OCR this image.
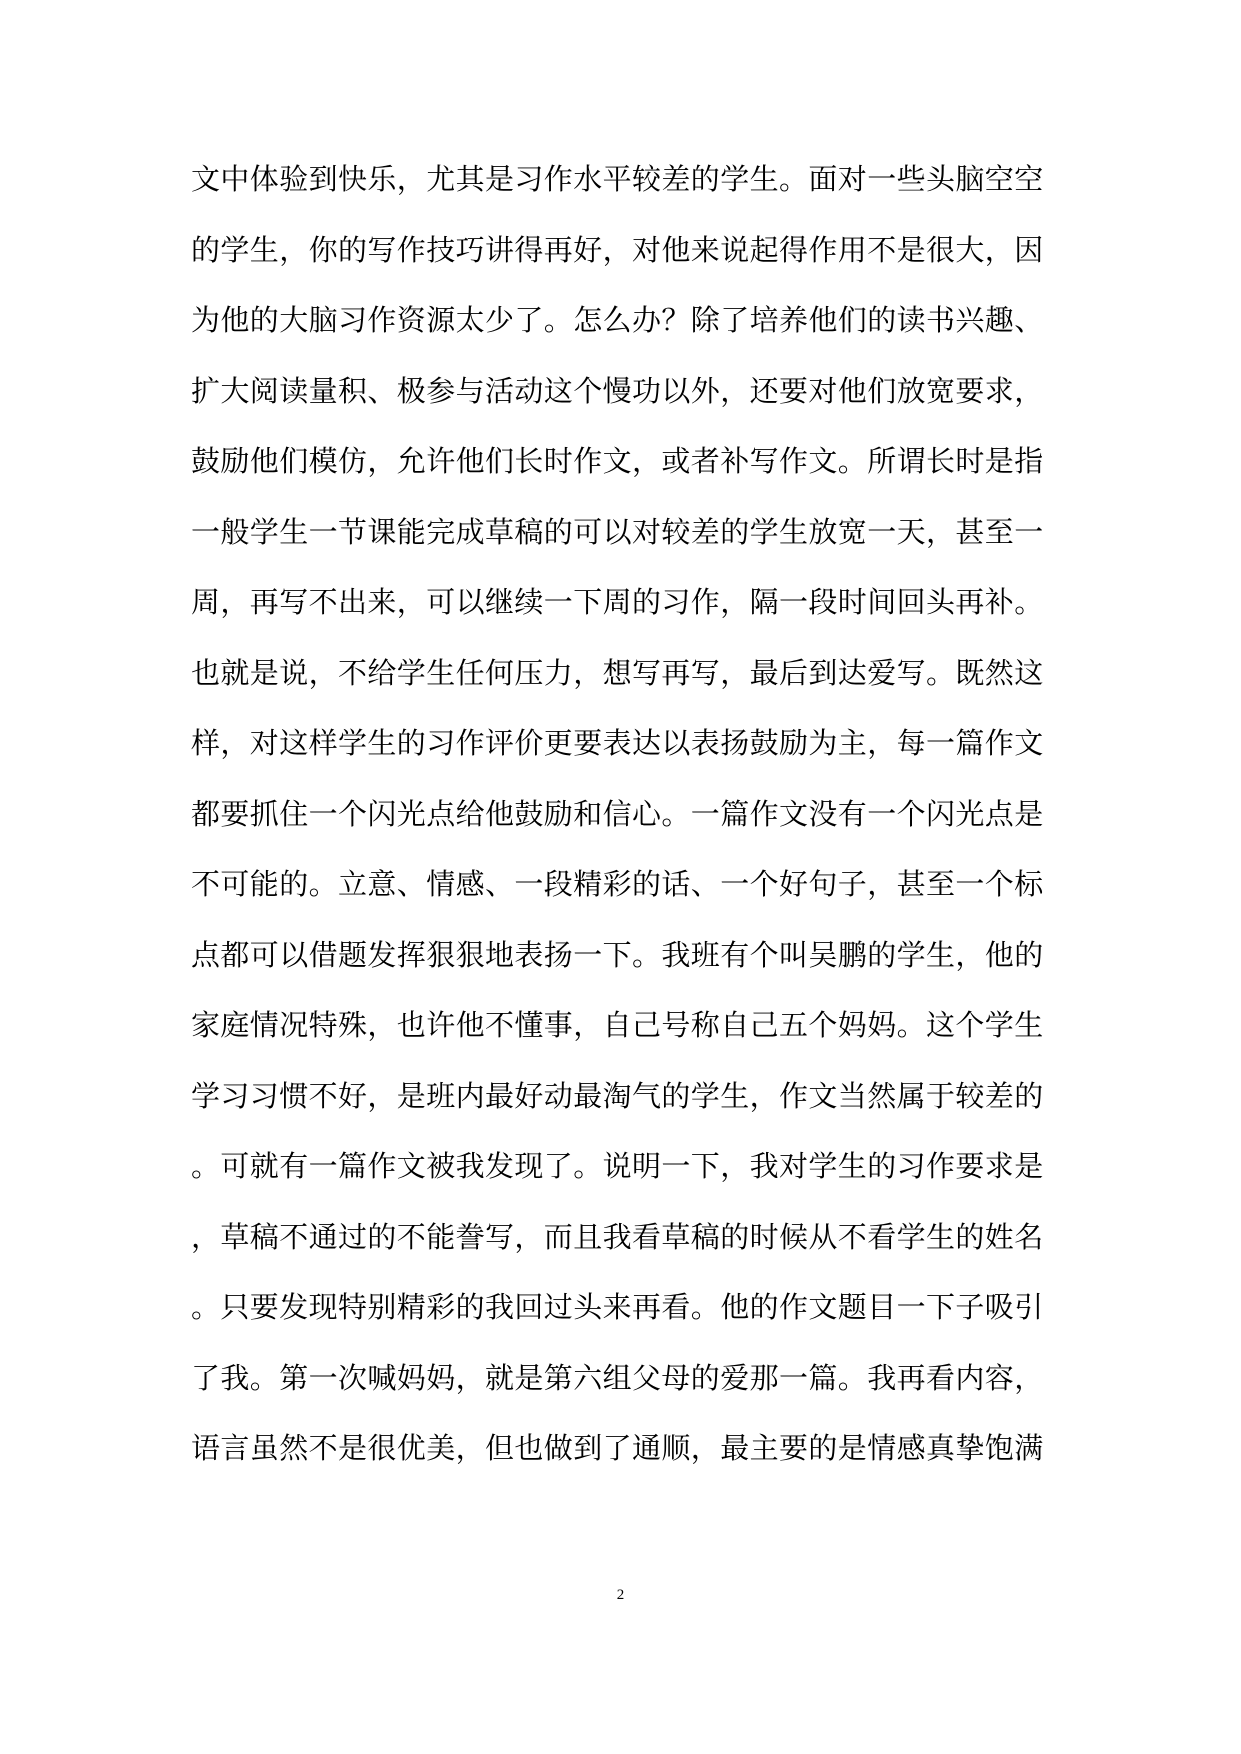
文中体验到快乐，尤其是习作水平较差的学生。面对一些头脑空空
的学生，你的写作技巧讲得再好，对他来说起得作用不是很大，因
为他的大脑习作资源太少了。怎么办？除了培养他们的读书兴趣、
扩大阅读量积、极参与活动这个慢功以外，还要对他们放宽要求，
鼓励他们模仿，允许他们长时作文，或者补写作文。所谓长时是指
一般学生一节课能完成草稿的可以对较差的学生放宽一天，甚至一
周，再写不出来，可以继续一下周的习作，隔一段时间回头再补。
也就是说，不给学生任何压力，想写再写，最后到达爱写。既然这
样，对这样学生的习作评价更要表达以表扬鼓励为主，每一篇作文
都要抓住一个闪光点给他鼓励和信心。一篇作文没有一个闪光点是
不可能的。立意、情感、一段精彩的话、一个好句子，甚至一个标
点都可以借题发挥狠狠地表扬一下。我班有个叫吴鹏的学生，他的
家庭情况特殊，也许他不懂事，自己号称自己五个妈妈。这个学生
学习习惯不好，是班内最好动最淘气的学生，作文当然属于较差的
。可就有一篇作文被我发现了。说明一下，我对学生的习作要求是
，草稿不通过的不能誊写，而且我看草稿的时候从不看学生的姓名
。只要发现特别精彩的我回过头来再看。他的作文题目一下子吸引
了我。第一次喊妈妈，就是第六组父母的爱那一篇。我再看内容，
语言虽然不是很优美，但也做到了通顺，最主要的是情感真挚饱满
2
